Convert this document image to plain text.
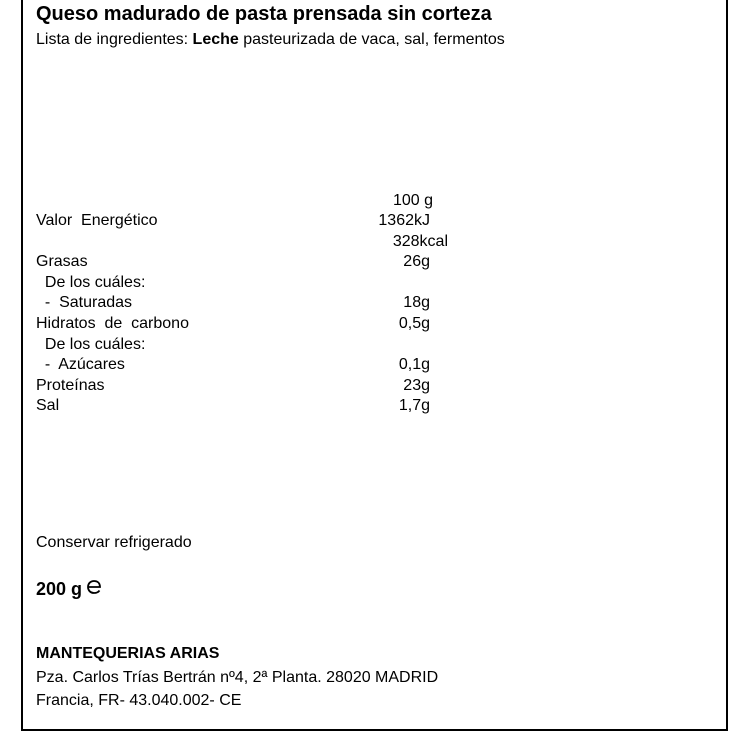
Queso madurado de pasta prensada sin corteza
Lista de ingredientes: Leche pasteurizada de vaca, sal, fermentos
100 g
Valor  Energético	1362kJ
328kcal
Grasas	26g
De los cuáles:
-  Saturadas	18g
Hidratos  de  carbono	0,5g
De los cuáles:
-  Azúcares	0,1g
Proteínas	23g
Sal	1,7g
Conservar refrigerado
200 g
MANTEQUERIAS ARIAS
Pza. Carlos Trías Bertrán nº4, 2ª Planta. 28020 MADRID
Francia, FR- 43.040.002- CE
